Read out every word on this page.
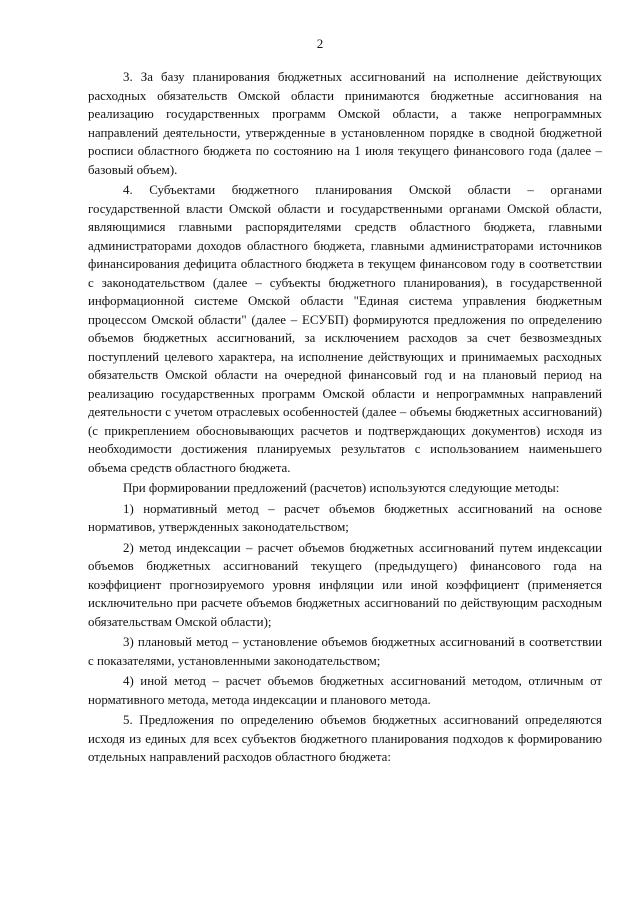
2

3. За базу планирования бюджетных ассигнований на исполнение действующих расходных обязательств Омской области принимаются бюджетные ассигнования на реализацию государственных программ Омской области, а также непрограммных направлений деятельности, утвержденные в установленном порядке в сводной бюджетной росписи областного бюджета по состоянию на 1 июля текущего финансового года (далее – базовый объем).

4. Субъектами бюджетного планирования Омской области – органами государственной власти Омской области и государственными органами Омской области, являющимися главными распорядителями средств областного бюджета, главными администраторами доходов областного бюджета, главными администраторами источников финансирования дефицита областного бюджета в текущем финансовом году в соответствии с законодательством (далее – субъекты бюджетного планирования), в государственной информационной системе Омской области "Единая система управления бюджетным процессом Омской области" (далее – ЕСУБП) формируются предложения по определению объемов бюджетных ассигнований, за исключением расходов за счет безвозмездных поступлений целевого характера, на исполнение действующих и принимаемых расходных обязательств Омской области на очередной финансовый год и на плановый период на реализацию государственных программ Омской области и непрограммных направлений деятельности с учетом отраслевых особенностей (далее – объемы бюджетных ассигнований) (с прикреплением обосновывающих расчетов и подтверждающих документов) исходя из необходимости достижения планируемых результатов с использованием наименьшего объема средств областного бюджета.

При формировании предложений (расчетов) используются следующие методы:

1) нормативный метод – расчет объемов бюджетных ассигнований на основе нормативов, утвержденных законодательством;

2) метод индексации – расчет объемов бюджетных ассигнований путем индексации объемов бюджетных ассигнований текущего (предыдущего) финансового года на коэффициент прогнозируемого уровня инфляции или иной коэффициент (применяется исключительно при расчете объемов бюджетных ассигнований по действующим расходным обязательствам Омской области);

3) плановый метод – установление объемов бюджетных ассигнований в соответствии с показателями, установленными законодательством;

4) иной метод – расчет объемов бюджетных ассигнований методом, отличным от нормативного метода, метода индексации и планового метода.

5. Предложения по определению объемов бюджетных ассигнований определяются исходя из единых для всех субъектов бюджетного планирования подходов к формированию отдельных направлений расходов областного бюджета:
